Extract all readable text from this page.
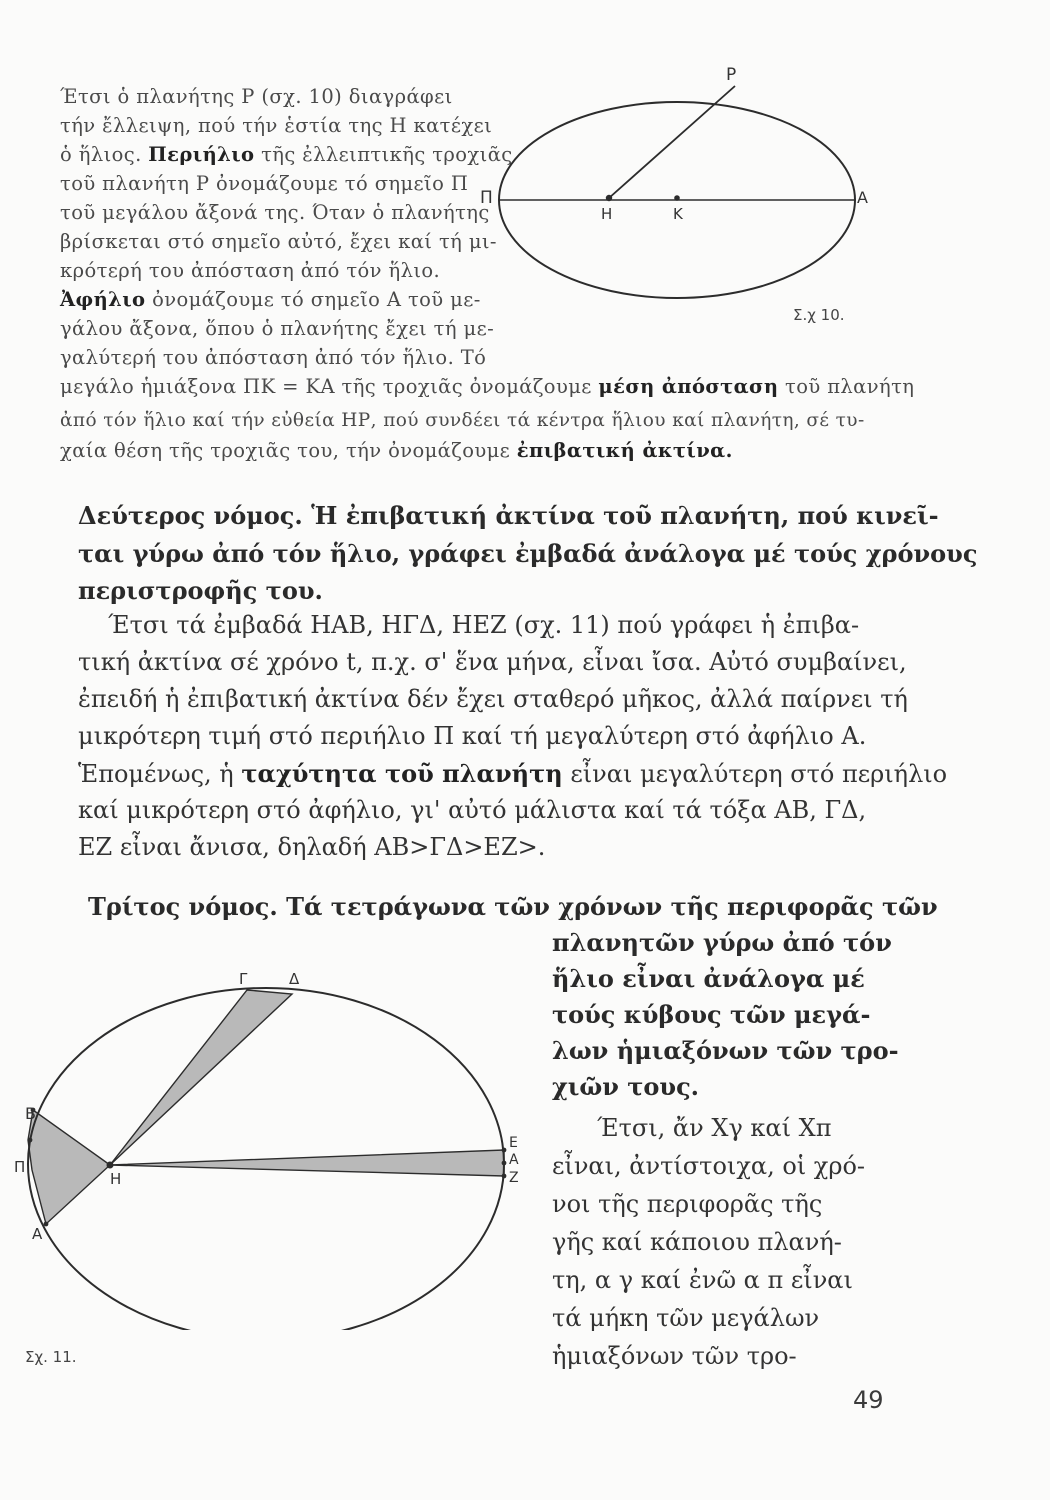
Έτσι ὁ πλανήτης Ρ (σχ. 10) διαγράφει
τήν ἔλλειψη, πού τήν ἑστία της Η κατέχει
ὁ ἥλιος. Περιήλιο τῆς ἐλλειπτικῆς τροχιᾶς
τοῦ πλανήτη Ρ ὀνομάζουμε τό σημεῖο Π
τοῦ μεγάλου ἄξονά της. Όταν ὁ πλανήτης
βρίσκεται στό σημεῖο αὐτό, ἔχει καί τή μι-
κρότερή του ἀπόσταση ἀπό τόν ἥλιο.
Ἀφήλιο ὀνομάζουμε τό σημεῖο Α τοῦ με-
γάλου ἄξονα, ὅπου ὁ πλανήτης ἔχει τή με-
γαλύτερή του ἀπόσταση ἀπό τόν ἥλιο. Τό
μεγάλο ἡμιάξονα ΠΚ = ΚΑ τῆς τροχιᾶς ὀνομάζουμε μέση ἀπόσταση τοῦ πλανήτη
ἀπό τόν ἥλιο καί τήν εὐθεία ΗΡ, πού συνδέει τά κέντρα ἥλιου καί πλανήτη, σέ τυ-
χαία θέση τῆς τροχιᾶς του, τήν ὀνομάζουμε ἐπιβατική ἀκτίνα.
P
Π
Η	Κ
Α
Σ.χ 10.
Δεύτερος νόμος. Ἡ ἐπιβατική ἀκτίνα τοῦ πλανήτη, πού κινεῖ-
ται γύρω ἀπό τόν ἥλιο, γράφει ἐμβαδά ἀνάλογα μέ τούς χρόνους
περιστροφῆς του.
Έτσι τά ἐμβαδά ΗΑΒ, ΗΓΔ, ΗΕΖ (σχ. 11) πού γράφει ἡ ἐπιβα-
τική ἀκτίνα σέ χρόνο t, π.χ. σ' ἕνα μήνα, εἶναι ἴσα. Αὐτό συμβαίνει,
ἐπειδή ἡ ἐπιβατική ἀκτίνα δέν ἔχει σταθερό μῆκος, ἀλλά παίρνει τή
μικρότερη τιμή στό περιήλιο Π καί τή μεγαλύτερη στό ἀφήλιο Α.
Ἑπομένως, ἡ ταχύτητα τοῦ πλανήτη εἶναι μεγαλύτερη στό περιήλιο
καί μικρότερη στό ἀφήλιο, γι' αὐτό μάλιστα καί τά τόξα ΑΒ, ΓΔ,
ΕΖ εἶναι ἄνισα, δηλαδή ΑΒ>ΓΔ>ΕΖ>.
Τρίτος νόμος. Τά τετράγωνα τῶν χρόνων τῆς περιφορᾶς τῶν
πλανητῶν γύρω ἀπό τόν
ἥλιο εἶναι ἀνάλογα μέ
τούς κύβους τῶν μεγά-
λων ἡμιαξόνων τῶν τρο-
χιῶν τους.
Έτσι, ἄν Χγ καί Χπ
εἶναι, ἀντίστοιχα, οἱ χρό-
νοι τῆς περιφορᾶς τῆς
γῆς καί κάποιου πλανή-
τη, α γ καί ἐνῶ α π εἶναι
τά μήκη τῶν μεγάλων
ἡμιαξόνων τῶν τρο-
Γ	Δ
Β
Π
Α
Η
Ε
Α
Ζ
Σχ. 11.
49
